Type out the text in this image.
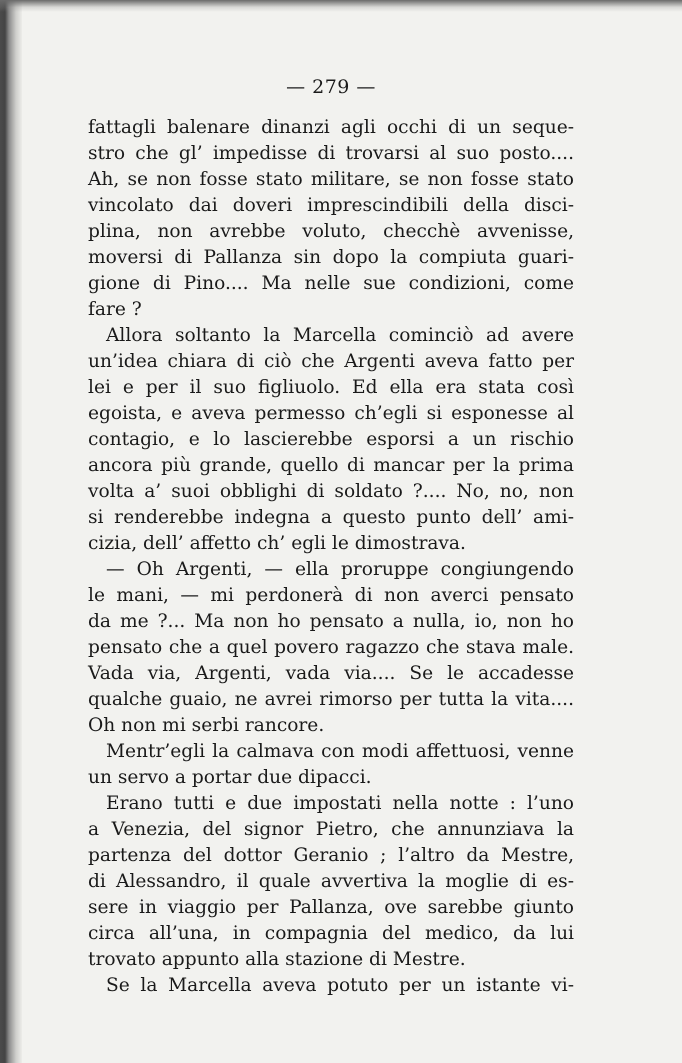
— 279 —
fattagli balenare dinanzi agli occhi di un seque-
stro che gl’ impedisse di trovarsi al suo posto....
Ah, se non fosse stato militare, se non fosse stato
vincolato dai doveri imprescindibili della disci-
plina, non avrebbe voluto, checchè avvenisse,
moversi di Pallanza sin dopo la compiuta guari-
gione di Pino.... Ma nelle sue condizioni, come
fare ?
Allora soltanto la Marcella cominciò ad avere
un’idea chiara di ciò che Argenti aveva fatto per
lei e per il suo figliuolo. Ed ella era stata così
egoista, e aveva permesso ch’egli si esponesse al
contagio, e lo lascierebbe esporsi a un rischio
ancora più grande, quello di mancar per la prima
volta a’ suoi obblighi di soldato ?.... No, no, non
si renderebbe indegna a questo punto dell’ ami-
cizia, dell’ affetto ch’ egli le dimostrava.
— Oh Argenti, — ella proruppe congiungendo
le mani, — mi perdonerà di non averci pensato
da me ?... Ma non ho pensato a nulla, io, non ho
pensato che a quel povero ragazzo che stava male.
Vada via, Argenti, vada via.... Se le accadesse
qualche guaio, ne avrei rimorso per tutta la vita....
Oh non mi serbi rancore.
Mentr’egli la calmava con modi affettuosi, venne
un servo a portar due dipacci.
Erano tutti e due impostati nella notte : l’uno
a Venezia, del signor Pietro, che annunziava la
partenza del dottor Geranio ; l’altro da Mestre,
di Alessandro, il quale avvertiva la moglie di es-
sere in viaggio per Pallanza, ove sarebbe giunto
circa all’una, in compagnia del medico, da lui
trovato appunto alla stazione di Mestre.
Se la Marcella aveva potuto per un istante vi-
